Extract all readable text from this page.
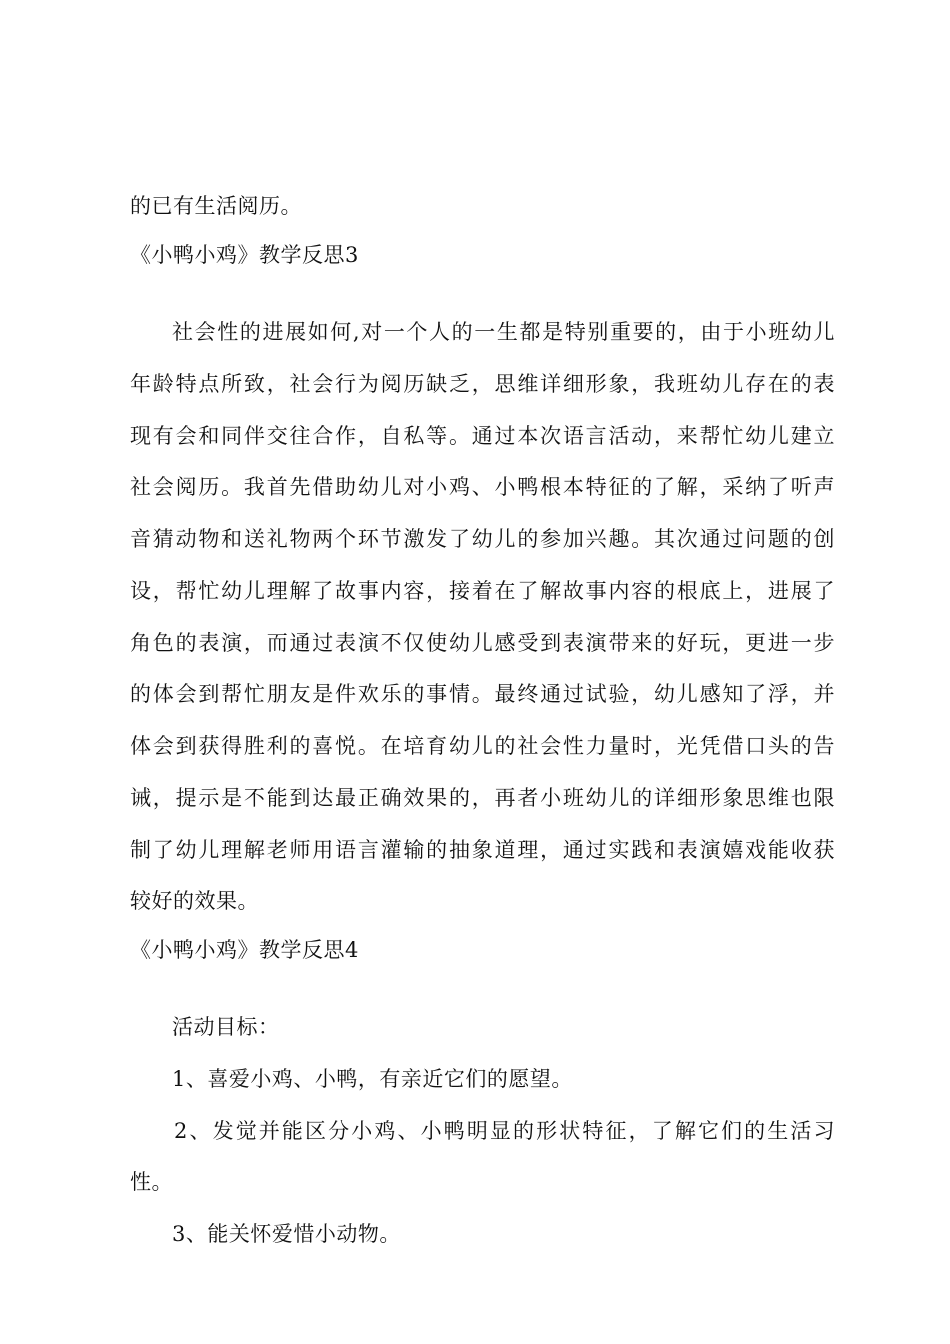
的已有生活阅历。
《小鸭小鸡》教学反思3
社会性的进展如何,对一个人的一生都是特别重要的，由于小班幼儿
年龄特点所致，社会行为阅历缺乏，思维详细形象，我班幼儿存在的表
现有会和同伴交往合作，自私等。通过本次语言活动，来帮忙幼儿建立
社会阅历。我首先借助幼儿对小鸡、小鸭根本特征的了解，采纳了听声
音猜动物和送礼物两个环节激发了幼儿的参加兴趣。其次通过问题的创
设，帮忙幼儿理解了故事内容，接着在了解故事内容的根底上，进展了
角色的表演，而通过表演不仅使幼儿感受到表演带来的好玩，更进一步
的体会到帮忙朋友是件欢乐的事情。最终通过试验，幼儿感知了浮，并
体会到获得胜利的喜悦。在培育幼儿的社会性力量时，光凭借口头的告
诫，提示是不能到达最正确效果的，再者小班幼儿的详细形象思维也限
制了幼儿理解老师用语言灌输的抽象道理，通过实践和表演嬉戏能收获
较好的效果。
《小鸭小鸡》教学反思4
活动目标：
1、喜爱小鸡、小鸭，有亲近它们的愿望。
2、发觉并能区分小鸡、小鸭明显的形状特征，了解它们的生活习
性。
3、能关怀爱惜小动物。
